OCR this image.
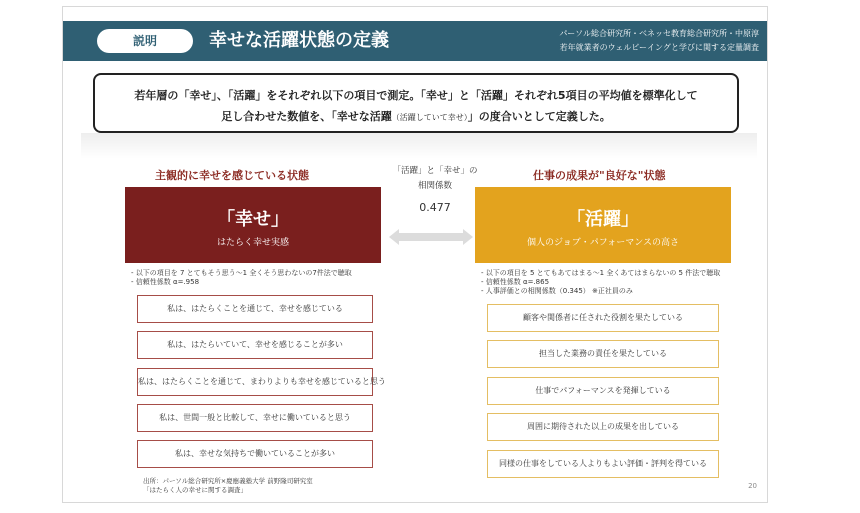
説明	幸せな活躍状態の定義	パーソル総合研究所・ベネッセ教育総合研究所・中原淳
若年就業者のウェルビーイングと学びに関する定量調査
若年層の「幸せ」、「活躍」をそれぞれ以下の項目で測定。「幸せ」と「活躍」それぞれ5項目の平均値を標準化して
足し合わせた数値を、「幸せな活躍（活躍していて幸せ）」の度合いとして定義した。
主観的に幸せを感じている状態	仕事の成果が"良好な"状態
「活躍」と「幸せ」の
相関係数
0.477
「幸せ」
はたらく幸せ実感
「活躍」
個人のジョブ・パフォーマンスの高さ
- 以下の項目を 7 とてもそう思う～1 全くそう思わないの7件法で聴取
- 信頼性係数 α=.958
- 以下の項目を 5 とてもあてはまる～1 全くあてはまらないの 5 件法で聴取
- 信頼性係数 α=.865
- 人事評価との相関係数（0.345） ※正社員のみ
私は、はたらくことを通じて、幸せを感じている
私は、はたらいていて、幸せを感じることが多い
私は、はたらくことを通じて、まわりよりも幸せを感じていると思う
私は、世間一般と比較して、幸せに働いていると思う
私は、幸せな気持ちで働いていることが多い
顧客や関係者に任された役割を果たしている
担当した業務の責任を果たしている
仕事でパフォーマンスを発揮している
周囲に期待された以上の成果を出している
同様の仕事をしている人よりもよい評価・評判を得ている
出所：パーソル総合研究所×慶應義塾大学 前野隆司研究室
「はたらく人の幸せに関する調査」	20
